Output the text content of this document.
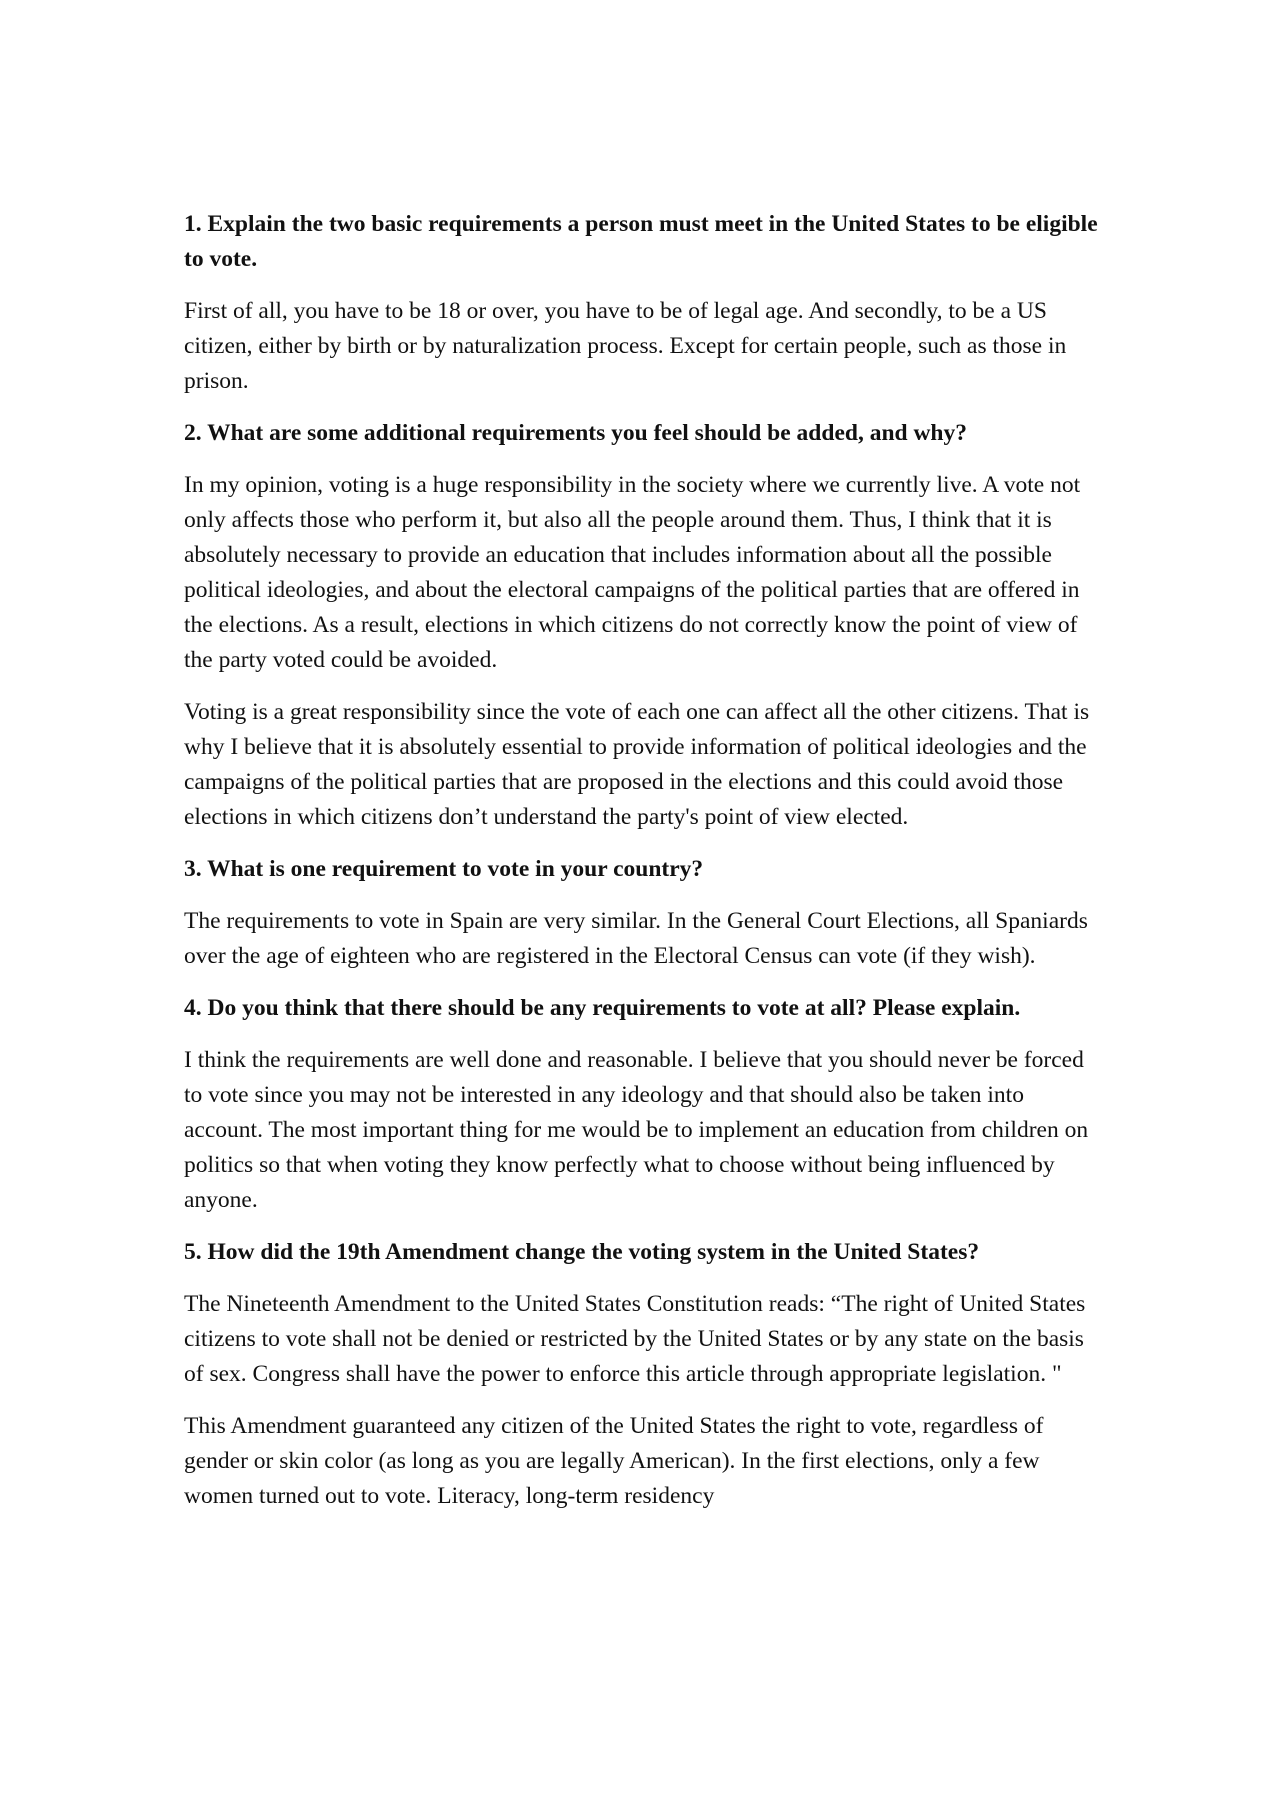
1. Explain the two basic requirements a person must meet in the United States to be eligible to vote.

First of all, you have to be 18 or over, you have to be of legal age. And secondly, to be a US citizen, either by birth or by naturalization process. Except for certain people, such as those in prison.

2. What are some additional requirements you feel should be added, and why?

In my opinion, voting is a huge responsibility in the society where we currently live. A vote not only affects those who perform it, but also all the people around them. Thus, I think that it is absolutely necessary to provide an education that includes information about all the possible political ideologies, and about the electoral campaigns of the political parties that are offered in the elections. As a result, elections in which citizens do not correctly know the point of view of the party voted could be avoided.

Voting is a great responsibility since the vote of each one can affect all the other citizens. That is why I believe that it is absolutely essential to provide information of political ideologies and the campaigns of the political parties that are proposed in the elections and this could avoid those elections in which citizens don’t understand the party's point of view elected.

3. What is one requirement to vote in your country?

The requirements to vote in Spain are very similar. In the General Court Elections, all Spaniards over the age of eighteen who are registered in the Electoral Census can vote (if they wish).

4. Do you think that there should be any requirements to vote at all? Please explain.

I think the requirements are well done and reasonable. I believe that you should never be forced to vote since you may not be interested in any ideology and that should also be taken into account. The most important thing for me would be to implement an education from children on politics so that when voting they know perfectly what to choose without being influenced by anyone.

5. How did the 19th Amendment change the voting system in the United States?

The Nineteenth Amendment to the United States Constitution reads: “The right of United States citizens to vote shall not be denied or restricted by the United States or by any state on the basis of sex. Congress shall have the power to enforce this article through appropriate legislation. "

This Amendment guaranteed any citizen of the United States the right to vote, regardless of gender or skin color (as long as you are legally American). In the first elections, only a few women turned out to vote. Literacy, long-term residency
